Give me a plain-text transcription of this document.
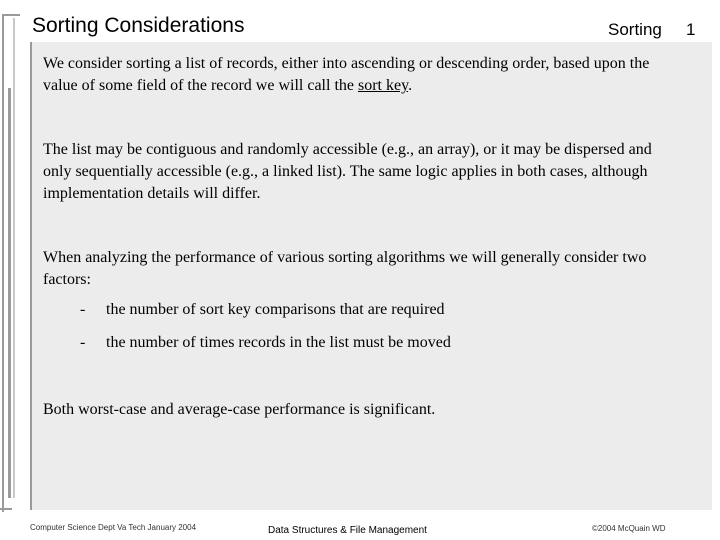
Sorting Considerations	Sorting 1
We consider sorting a list of records, either into ascending or descending order, based upon the value of some field of the record we will call the sort key.
The list may be contiguous and randomly accessible (e.g., an array), or it may be dispersed and only sequentially accessible (e.g., a linked list). The same logic applies in both cases, although implementation details will differ.
When analyzing the performance of various sorting algorithms we will generally consider two factors:
- the number of sort key comparisons that are required
- the number of times records in the list must be moved
Both worst-case and average-case performance is significant.
Computer Science Dept Va Tech January 2004	Data Structures & File Management	©2004 McQuain WD
